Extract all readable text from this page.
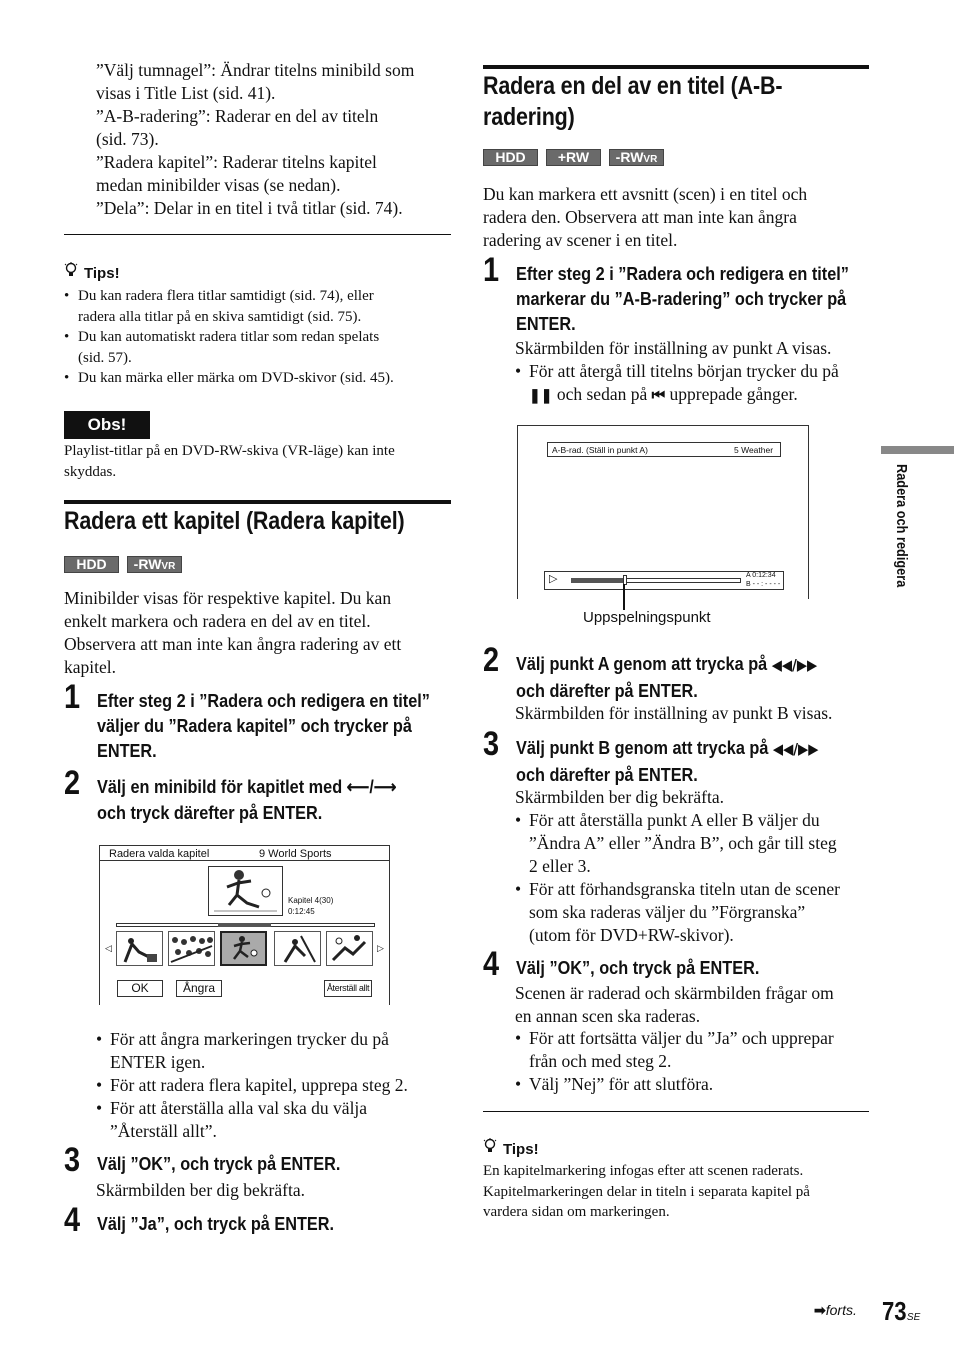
”Välj tumnagel”: Ändrar titelns minibild som
visas i Title List (sid. 41).
”A-B-radering”: Raderar en del av titeln
(sid. 73).
”Radera kapitel”: Raderar titelns kapitel
medan minibilder visas (se nedan).
”Dela”: Delar in en titel i två titlar (sid. 74).
Tips!
• Du kan radera flera titlar samtidigt (sid. 74), eller
radera alla titlar på en skiva samtidigt (sid. 75).
• Du kan automatiskt radera titlar som redan spelats
(sid. 57).
• Du kan märka eller märka om DVD-skivor (sid. 45).
Obs!
Playlist-titlar på en DVD-RW-skiva (VR-läge) kan inte
skyddas.
Radera ett kapitel (Radera kapitel)
HDD	-RWVR
Minibilder visas för respektive kapitel. Du kan
enkelt markera och radera en del av en titel.
Observera att man inte kan ångra radering av ett
kapitel.
1 Efter steg 2 i ”Radera och redigera en titel”
väljer du ”Radera kapitel” och trycker på
ENTER.
2 Välj en minibild för kapitlet med ⟵/⟶
och tryck därefter på ENTER.
Radera valda kapitel	9 World Sports
Kapitel 4(30)
0:12:45
◁	▷
OK	Ångra	Återställ allt
• För att ångra markeringen trycker du på
ENTER igen.
• För att radera flera kapitel, upprepa steg 2.
• För att återställa alla val ska du välja
”Återställ allt”.
3 Välj ”OK”, och tryck på ENTER.
Skärmbilden ber dig bekräfta.
4 Välj ”Ja”, och tryck på ENTER.
Radera en del av en titel (A-B-
radering)
HDD	+RW	-RWVR
Du kan markera ett avsnitt (scen) i en titel och
radera den. Observera att man inte kan ångra
radering av scener i en titel.
1 Efter steg 2 i ”Radera och redigera en titel”
markerar du ”A-B-radering” och trycker på
ENTER.
Skärmbilden för inställning av punkt A visas.
• För att återgå till titelns början trycker du på
❚❚ och sedan på ⏮ upprepade gånger.
A-B-rad. (Ställ in punkt A)	5 Weather
▷	A 0:12:34
B - - : - - - -
Uppspelningspunkt
2 Välj punkt A genom att trycka på ◀◀/▶▶
och därefter på ENTER.
Skärmbilden för inställning av punkt B visas.
3 Välj punkt B genom att trycka på ◀◀/▶▶
och därefter på ENTER.
Skärmbilden ber dig bekräfta.
• För att återställa punkt A eller B väljer du
”Ändra A” eller ”Ändra B”, och går till steg
2 eller 3.
• För att förhandsgranska titeln utan de scener
som ska raderas väljer du ”Förgranska”
(utom för DVD+RW-skivor).
4 Välj ”OK”, och tryck på ENTER.
Scenen är raderad och skärmbilden frågar om
en annan scen ska raderas.
• För att fortsätta väljer du ”Ja” och upprepar
från och med steg 2.
• Välj ”Nej” för att slutföra.
Tips!
En kapitelmarkering infogas efter att scenen raderats.
Kapitelmarkeringen delar in titeln i separata kapitel på
vardera sidan om markeringen.
Radera och redigera
➡forts. 73SE
